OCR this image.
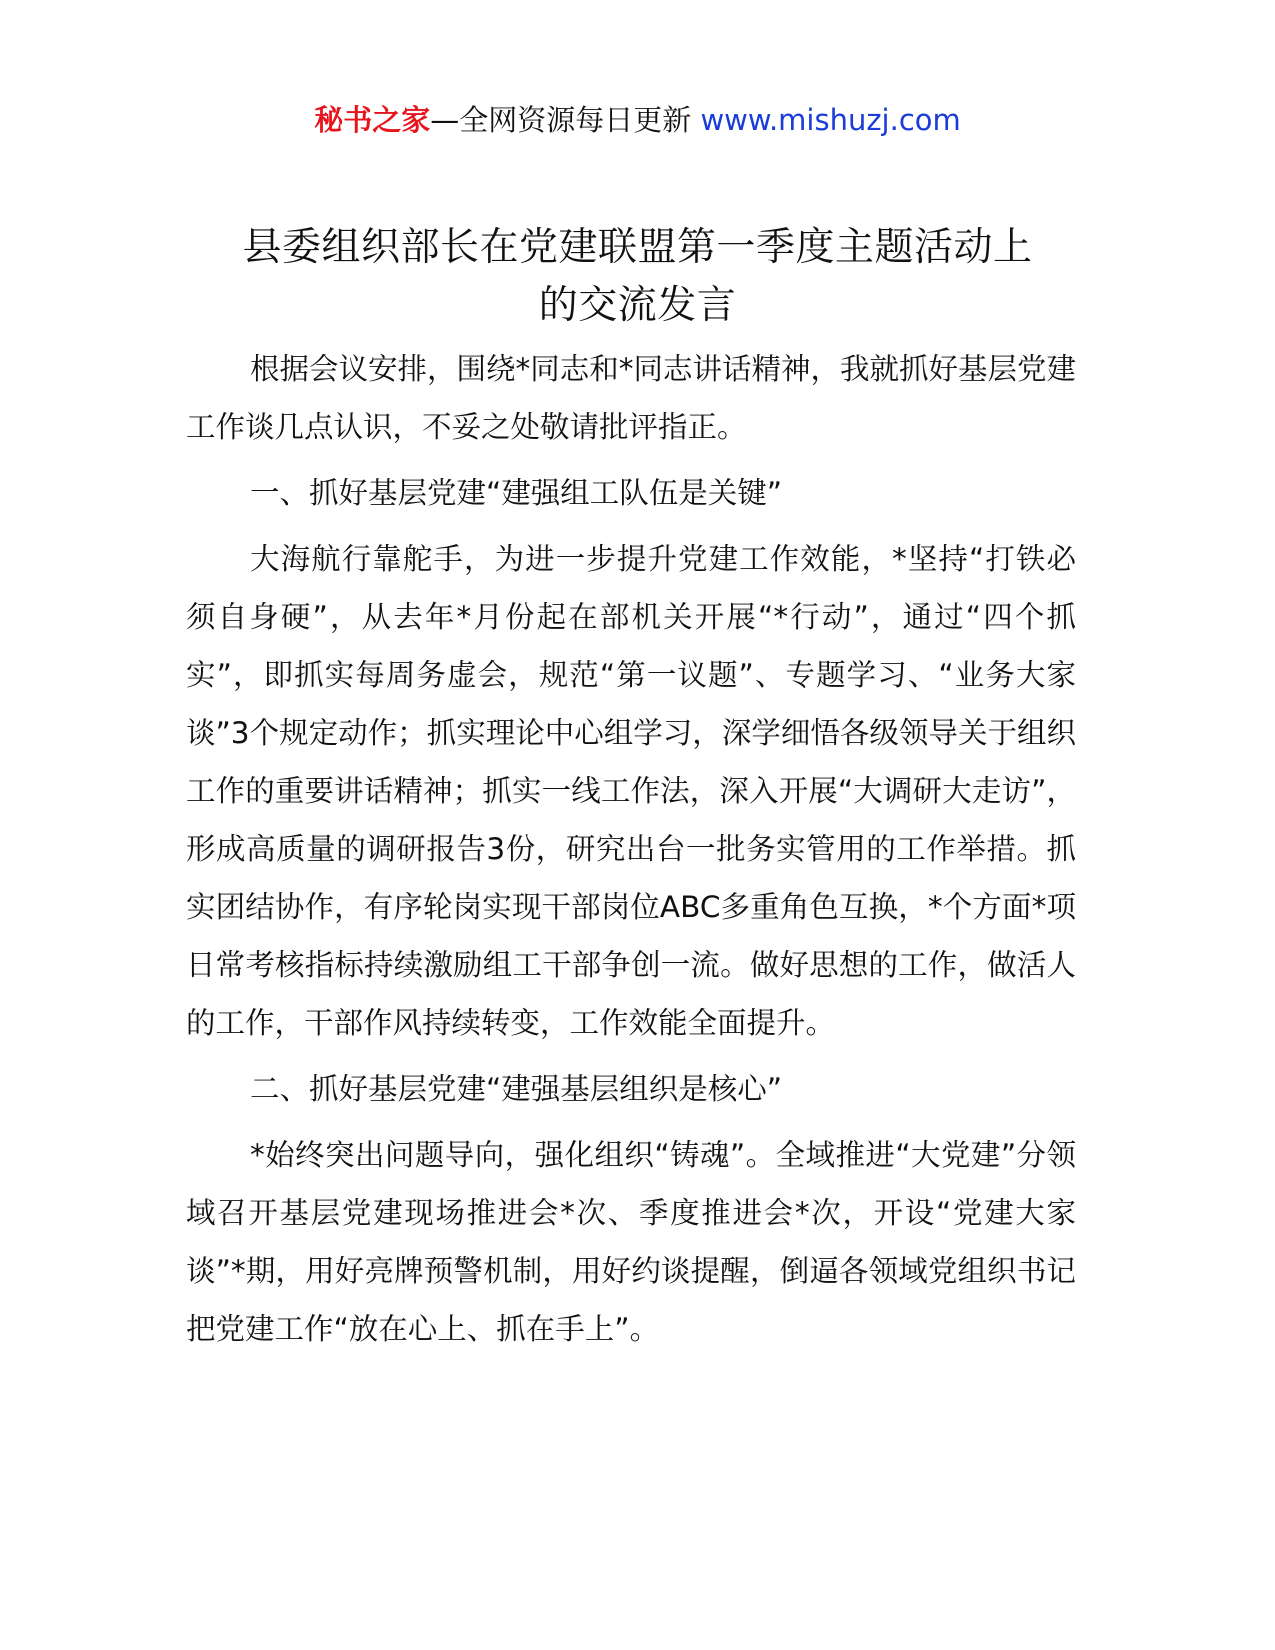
秘书之家—全网资源每日更新 www.mishuzj.com
县委组织部长在党建联盟第一季度主题活动上
的交流发言

根据会议安排，围绕*同志和*同志讲话精神，我就抓好基层党建工作谈几点认识，不妥之处敬请批评指正。

一、抓好基层党建“建强组工队伍是关键”

大海航行靠舵手，为进一步提升党建工作效能，*坚持“打铁必须自身硬”，从去年*月份起在部机关开展“*行动”，通过“四个抓实”，即抓实每周务虚会，规范“第一议题”、专题学习、“业务大家谈”3个规定动作；抓实理论中心组学习，深学细悟各级领导关于组织工作的重要讲话精神；抓实一线工作法，深入开展“大调研大走访”，形成高质量的调研报告3份，研究出台一批务实管用的工作举措。抓实团结协作，有序轮岗实现干部岗位ABC多重角色互换，*个方面*项日常考核指标持续激励组工干部争创一流。做好思想的工作，做活人的工作，干部作风持续转变，工作效能全面提升。

二、抓好基层党建“建强基层组织是核心”

*始终突出问题导向，强化组织“铸魂”。全域推进“大党建”分领域召开基层党建现场推进会*次、季度推进会*次，开设“党建大家谈”*期，用好亮牌预警机制，用好约谈提醒，倒逼各领域党组织书记把党建工作“放在心上、抓在手上”。
